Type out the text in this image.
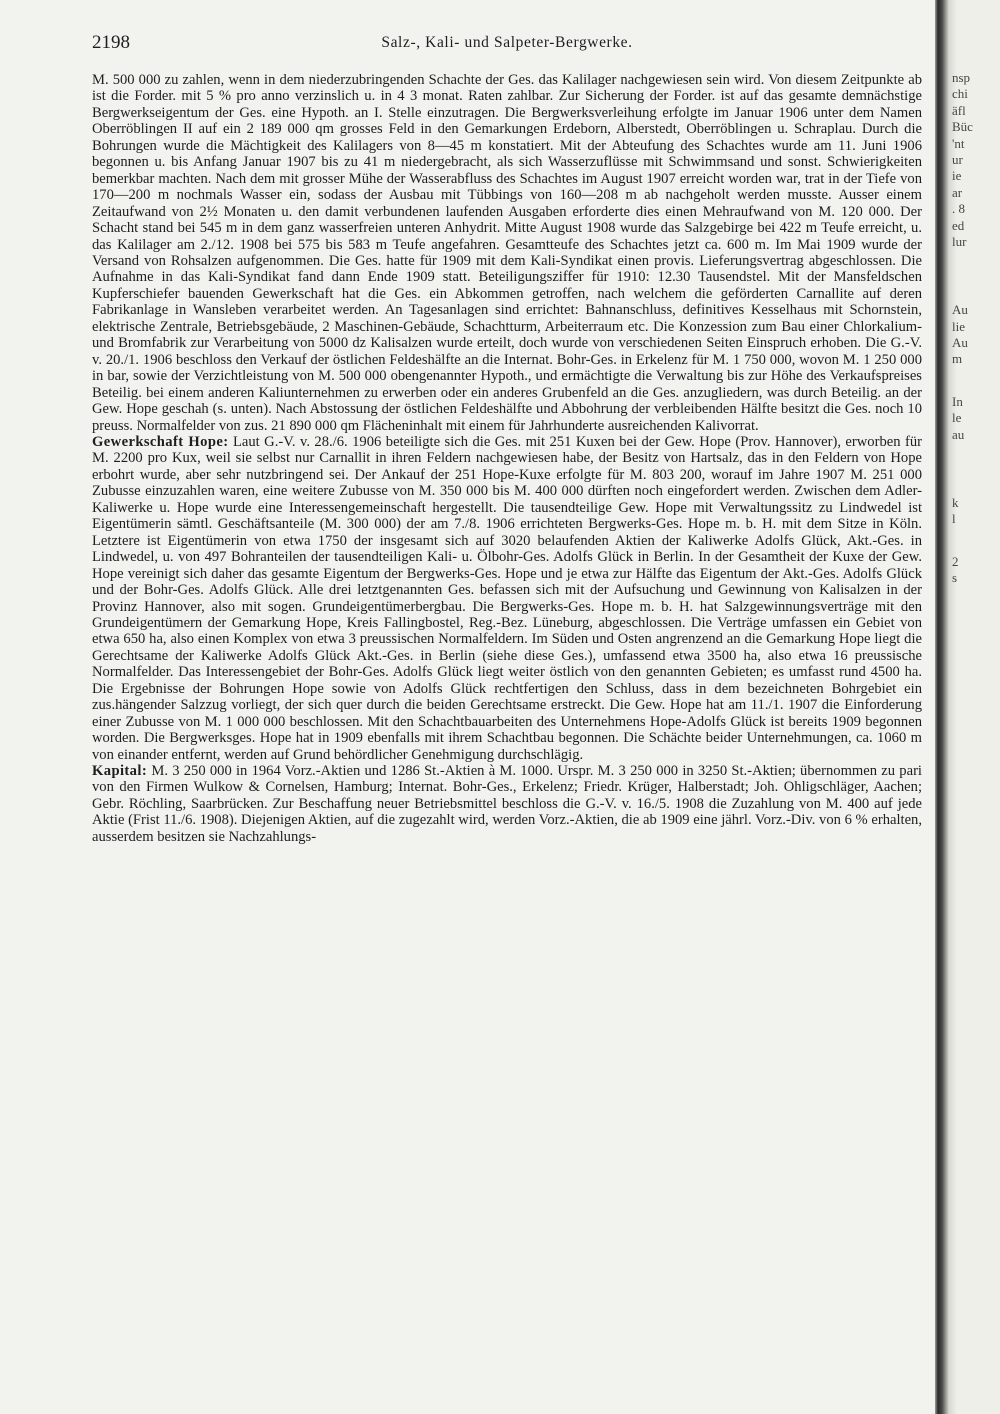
2198	Salz-, Kali- und Salpeter-Bergwerke.

M. 500 000 zu zahlen, wenn in dem niederzubringenden Schachte der Ges. das Kalilager nachgewiesen sein wird. Von diesem Zeitpunkte ab ist die Forder. mit 5 % pro anno verzinslich u. in 4 3 monat. Raten zahlbar. Zur Sicherung der Forder. ist auf das gesamte demnächstige Bergwerkseigentum der Ges. eine Hypoth. an I. Stelle einzutragen. Die Bergwerksverleihung erfolgte im Januar 1906 unter dem Namen Oberröblingen II auf ein 2 189 000 qm grosses Feld in den Gemarkungen Erdeborn, Alberstedt, Oberröblingen u. Schraplau. Durch die Bohrungen wurde die Mächtigkeit des Kalilagers von 8—45 m konstatiert. Mit der Abteufung des Schachtes wurde am 11. Juni 1906 begonnen u. bis Anfang Januar 1907 bis zu 41 m niedergebracht, als sich Wasserzuflüsse mit Schwimmsand und sonst. Schwierigkeiten bemerkbar machten. Nach dem mit grosser Mühe der Wasserabfluss des Schachtes im August 1907 erreicht worden war, trat in der Tiefe von 170—200 m nochmals Wasser ein, sodass der Ausbau mit Tübbings von 160—208 m ab nachgeholt werden musste. Ausser einem Zeitaufwand von 2½ Monaten u. den damit verbundenen laufenden Ausgaben erforderte dies einen Mehraufwand von M. 120 000. Der Schacht stand bei 545 m in dem ganz wasserfreien unteren Anhydrit. Mitte August 1908 wurde das Salzgebirge bei 422 m Teufe erreicht, u. das Kalilager am 2./12. 1908 bei 575 bis 583 m Teufe angefahren. Gesamtteufe des Schachtes jetzt ca. 600 m. Im Mai 1909 wurde der Versand von Rohsalzen aufgenommen. Die Ges. hatte für 1909 mit dem Kali-Syndikat einen provis. Lieferungsvertrag abgeschlossen. Die Aufnahme in das Kali-Syndikat fand dann Ende 1909 statt. Beteiligungsziffer für 1910: 12.30 Tausendstel. Mit der Mansfeldschen Kupferschiefer bauenden Gewerkschaft hat die Ges. ein Abkommen getroffen, nach welchem die geförderten Carnallite auf deren Fabrikanlage in Wansleben verarbeitet werden. An Tagesanlagen sind errichtet: Bahnanschluss, definitives Kesselhaus mit Schornstein, elektrische Zentrale, Betriebsgebäude, 2 Maschinen-Gebäude, Schachtturm, Arbeiterraum etc. Die Konzession zum Bau einer Chlorkalium- und Bromfabrik zur Verarbeitung von 5000 dz Kalisalzen wurde erteilt, doch wurde von verschiedenen Seiten Einspruch erhoben. Die G.-V. v. 20./1. 1906 beschloss den Verkauf der östlichen Feldeshälfte an die Internat. Bohr-Ges. in Erkelenz für M. 1 750 000, wovon M. 1 250 000 in bar, sowie der Verzichtleistung von M. 500 000 obengenannter Hypoth., und ermächtigte die Verwaltung bis zur Höhe des Verkaufspreises Beteilig. bei einem anderen Kaliunternehmen zu erwerben oder ein anderes Grubenfeld an die Ges. anzugliedern, was durch Beteilig. an der Gew. Hope geschah (s. unten). Nach Abstossung der östlichen Feldeshälfte und Abbohrung der verbleibenden Hälfte besitzt die Ges. noch 10 preuss. Normalfelder von zus. 21 890 000 qm Flächeninhalt mit einem für Jahrhunderte ausreichenden Kalivorrat.

Gewerkschaft Hope: Laut G.-V. v. 28./6. 1906 beteiligte sich die Ges. mit 251 Kuxen bei der Gew. Hope (Prov. Hannover), erworben für M. 2200 pro Kux, weil sie selbst nur Carnallit in ihren Feldern nachgewiesen habe, der Besitz von Hartsalz, das in den Feldern von Hope erbohrt wurde, aber sehr nutzbringend sei. Der Ankauf der 251 Hope-Kuxe erfolgte für M. 803 200, worauf im Jahre 1907 M. 251 000 Zubusse einzuzahlen waren, eine weitere Zubusse von M. 350 000 bis M. 400 000 dürften noch eingefordert werden. Zwischen dem Adler-Kaliwerke u. Hope wurde eine Interessengemeinschaft hergestellt. Die tausendteilige Gew. Hope mit Verwaltungssitz zu Lindwedel ist Eigentümerin sämtl. Geschäftsanteile (M. 300 000) der am 7./8. 1906 errichteten Bergwerks-Ges. Hope m. b. H. mit dem Sitze in Köln. Letztere ist Eigentümerin von etwa 1750 der insgesamt sich auf 3020 belaufenden Aktien der Kaliwerke Adolfs Glück, Akt.-Ges. in Lindwedel, u. von 497 Bohranteilen der tausendteiligen Kali- u. Ölbohr-Ges. Adolfs Glück in Berlin. In der Gesamtheit der Kuxe der Gew. Hope vereinigt sich daher das gesamte Eigentum der Bergwerks-Ges. Hope und je etwa zur Hälfte das Eigentum der Akt.-Ges. Adolfs Glück und der Bohr-Ges. Adolfs Glück. Alle drei letztgenannten Ges. befassen sich mit der Aufsuchung und Gewinnung von Kalisalzen in der Provinz Hannover, also mit sogen. Grundeigentümerbergbau. Die Bergwerks-Ges. Hope m. b. H. hat Salzgewinnungsverträge mit den Grundeigentümern der Gemarkung Hope, Kreis Fallingbostel, Reg.-Bez. Lüneburg, abgeschlossen. Die Verträge umfassen ein Gebiet von etwa 650 ha, also einen Komplex von etwa 3 preussischen Normalfeldern. Im Süden und Osten angrenzend an die Gemarkung Hope liegt die Gerechtsame der Kaliwerke Adolfs Glück Akt.-Ges. in Berlin (siehe diese Ges.), umfassend etwa 3500 ha, also etwa 16 preussische Normalfelder. Das Interessengebiet der Bohr-Ges. Adolfs Glück liegt weiter östlich von den genannten Gebieten; es umfasst rund 4500 ha. Die Ergebnisse der Bohrungen Hope sowie von Adolfs Glück rechtfertigen den Schluss, dass in dem bezeichneten Bohrgebiet ein zus.hängender Salzzug vorliegt, der sich quer durch die beiden Gerechtsame erstreckt. Die Gew. Hope hat am 11./1. 1907 die Einforderung einer Zubusse von M. 1 000 000 beschlossen. Mit den Schachtbauarbeiten des Unternehmens Hope-Adolfs Glück ist bereits 1909 begonnen worden. Die Bergwerksges. Hope hat in 1909 ebenfalls mit ihrem Schachtbau begonnen. Die Schächte beider Unternehmungen, ca. 1060 m von einander entfernt, werden auf Grund behördlicher Genehmigung durchschlägig.

Kapital: M. 3 250 000 in 1964 Vorz.-Aktien und 1286 St.-Aktien à M. 1000. Urspr. M. 3 250 000 in 3250 St.-Aktien; übernommen zu pari von den Firmen Wulkow & Cornelsen, Hamburg; Internat. Bohr-Ges., Erkelenz; Friedr. Krüger, Halberstadt; Joh. Ohligschläger, Aachen; Gebr. Röchling, Saarbrücken. Zur Beschaffung neuer Betriebsmittel beschloss die G.-V. v. 16./5. 1908 die Zuzahlung von M. 400 auf jede Aktie (Frist 11./6. 1908). Diejenigen Aktien, auf die zugezahlt wird, werden Vorz.-Aktien, die ab 1909 eine jährl. Vorz.-Div. von 6 % erhalten, ausserdem besitzen sie Nachzahlungs-

nsp
chi
äfl
Büc
'nt
ur
ie
ar
. 8
ed
lur
Au
lie
Au
m
In
le
au
k
l
2
s
